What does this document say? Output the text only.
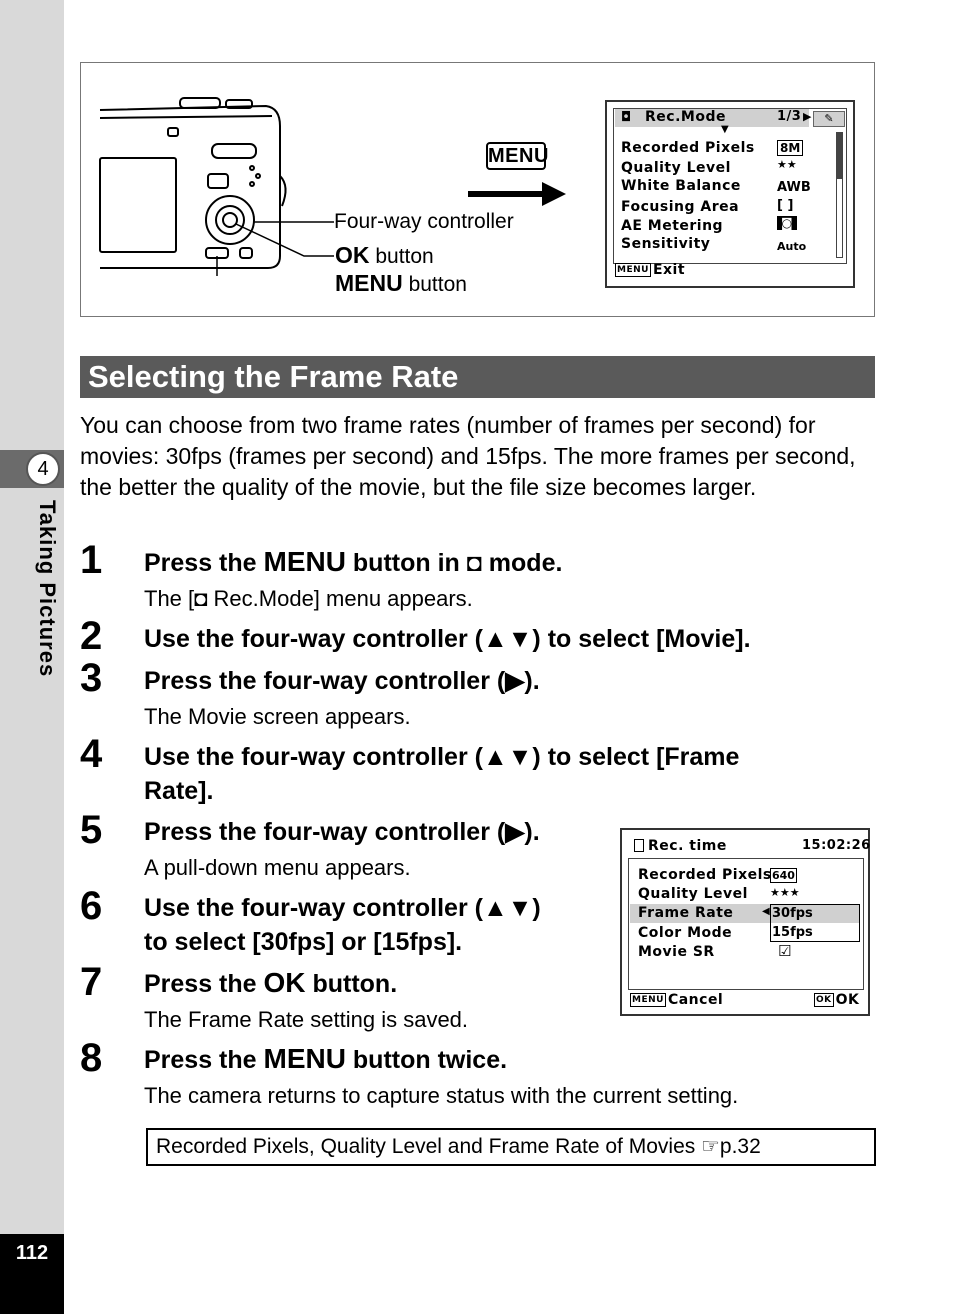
4
Taking Pictures
112
Four-way controller
OK button
MENU button
MENU
◘ Rec.Mode	1/3 ▶	✎
▼
Recorded Pixels 8M
Quality Level	★★
White Balance	AWB
Focusing Area	[ ]
AE Metering	◙
Sensitivity	Auto
MENU Exit
Selecting the Frame Rate

You can choose from two frame rates (number of frames per second) for movies: 30fps (frames per second) and 15fps. The more frames per second, the better the quality of the movie, but the file size becomes larger.

1 Press the MENU button in ◘ mode.
The [◘ Rec.Mode] menu appears.
2 Use the four-way controller (▲▼) to select [Movie].
3 Press the four-way controller (▶).
The Movie screen appears.
4 Use the four-way controller (▲▼) to select [Frame
Rate].
5 Press the four-way controller (▶).
A pull-down menu appears.
6 Use the four-way controller (▲▼)
to select [30fps] or [15fps].
7 Press the OK button.
The Frame Rate setting is saved.
8 Press the MENU button twice.
The camera returns to capture status with the current setting.
Rec. time	15:02:26
Recorded Pixels 640
Quality Level ★★★
Frame Rate	◀ 30fps
Color Mode	15fps
Movie SR	☑
MENU Cancel	OK OK
Recorded Pixels, Quality Level and Frame Rate of Movies ☞p.32
